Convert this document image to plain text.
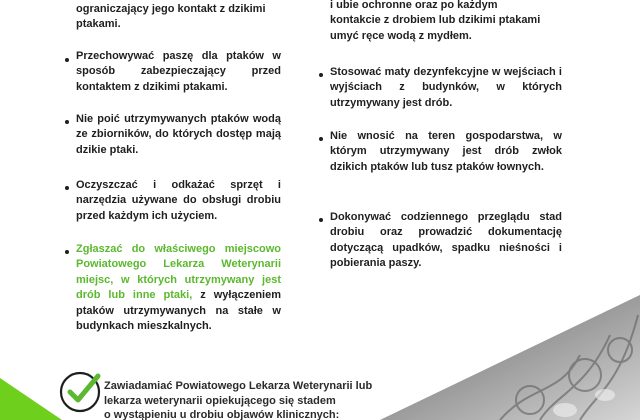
ograniczający jego kontakt z dzikimi
ptakami.
Przechowywać paszę dla ptaków w sposób zabezpieczający przed kontaktem z dzikimi ptakami.
Nie poić utrzymywanych ptaków wodą ze zbiorników, do których dostęp mają dzikie ptaki.
Oczyszczać i odkażać sprzęt i narzędzia używane do obsługi drobiu przed każdym ich użyciem.
Zgłaszać do właściwego miejscowo Powiatowego Lekarza Weterynarii miejsc, w których utrzymywany jest drób lub inne ptaki, z wyłączeniem ptaków utrzymywanych na stałe w budynkach mieszkalnych.
i ubie ochronne oraz po każdym
kontakcie z drobiem lub dzikimi ptakami
umyć ręce wodą z mydłem.
Stosować maty dezynfekcyjne w wejściach i wyjściach z budynków, w których utrzymywany jest drób.
Nie wnosić na teren gospodarstwa, w którym utrzymywany jest drób zwłok dzikich ptaków lub tusz ptaków łownych.
Dokonywać codziennego przeglądu stad drobiu oraz prowadzić dokumentację dotyczącą upadków, spadku nieśności i pobierania paszy.
Zawiadamiać Powiatowego Lekarza Weterynarii lub
lekarza weterynarii opiekującego się stadem
o wystąpieniu u drobiu objawów klinicznych:
